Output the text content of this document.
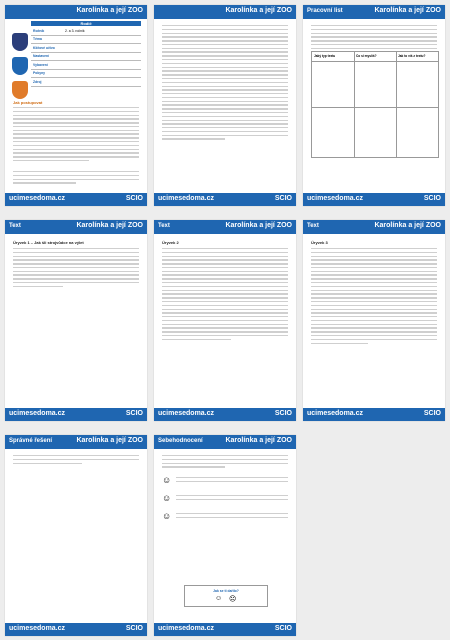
Karolínka a její ZOO
Rodič
Ročník	2. a 3. ročník
Téma	
Klíčové učivo	
Nastavení	
Vybavení	
Pokyny	
Zdroj	
Jak postupovat
ucimesedoma.cz	SCIO
Karolínka a její ZOO
ucimesedoma.cz	SCIO
Pracovní list	Karolínka a její ZOO
Jaký typ textu	Co si myslíš?	Jak to víš z textu?
ucimesedoma.cz	SCIO
Text	Karolínka a její ZOO
Úryvek 1 – Jak šli strojvůdce na výlet
ucimesedoma.cz	SCIO
Text	Karolínka a její ZOO
Úryvek 2
ucimesedoma.cz	SCIO
Text	Karolínka a její ZOO
Úryvek 3
ucimesedoma.cz	SCIO
Správné řešení	Karolínka a její ZOO
ucimesedoma.cz	SCIO
Sebehodnocení	Karolínka a její ZOO
☺
☺
☺
Jak se ti dařilo?
☺ ☹
ucimesedoma.cz	SCIO
